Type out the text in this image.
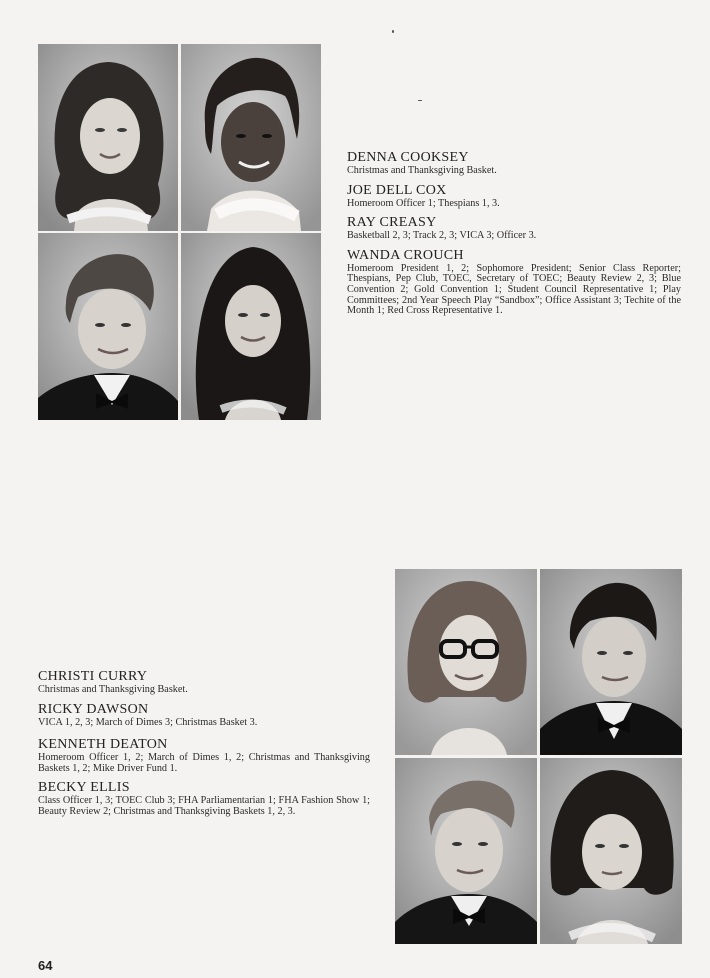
DENNA COOKSEY
Christmas and Thanksgiving Basket.
JOE DELL COX
Homeroom Officer 1; Thespians 1, 3.
RAY CREASY
Basketball 2, 3; Track 2, 3; VICA 3; Officer 3.
WANDA CROUCH
Homeroom President 1, 2; Sophomore President; Senior Class Reporter; Thespians, Pep Club, TOEC, Secretary of TOEC; Beauty Review 2, 3; Blue Convention 2; Gold Convention 1; Student Council Representative 1; Play Committees; 2nd Year Speech Play “Sandbox”; Office Assistant 3; Techite of the Month 1; Red Cross Representative 1.
CHRISTI CURRY
Christmas and Thanksgiving Basket.
RICKY DAWSON
VICA 1, 2, 3; March of Dimes 3; Christmas Basket 3.
KENNETH DEATON
Homeroom Officer 1, 2; March of Dimes 1, 2; Christmas and Thanksgiving Baskets 1, 2; Mike Driver Fund 1.
BECKY ELLIS
Class Officer 1, 3; TOEC Club 3; FHA Parliamentarian 1; FHA Fashion Show 1; Beauty Review 2; Christmas and Thanksgiving Baskets 1, 2, 3.
64
